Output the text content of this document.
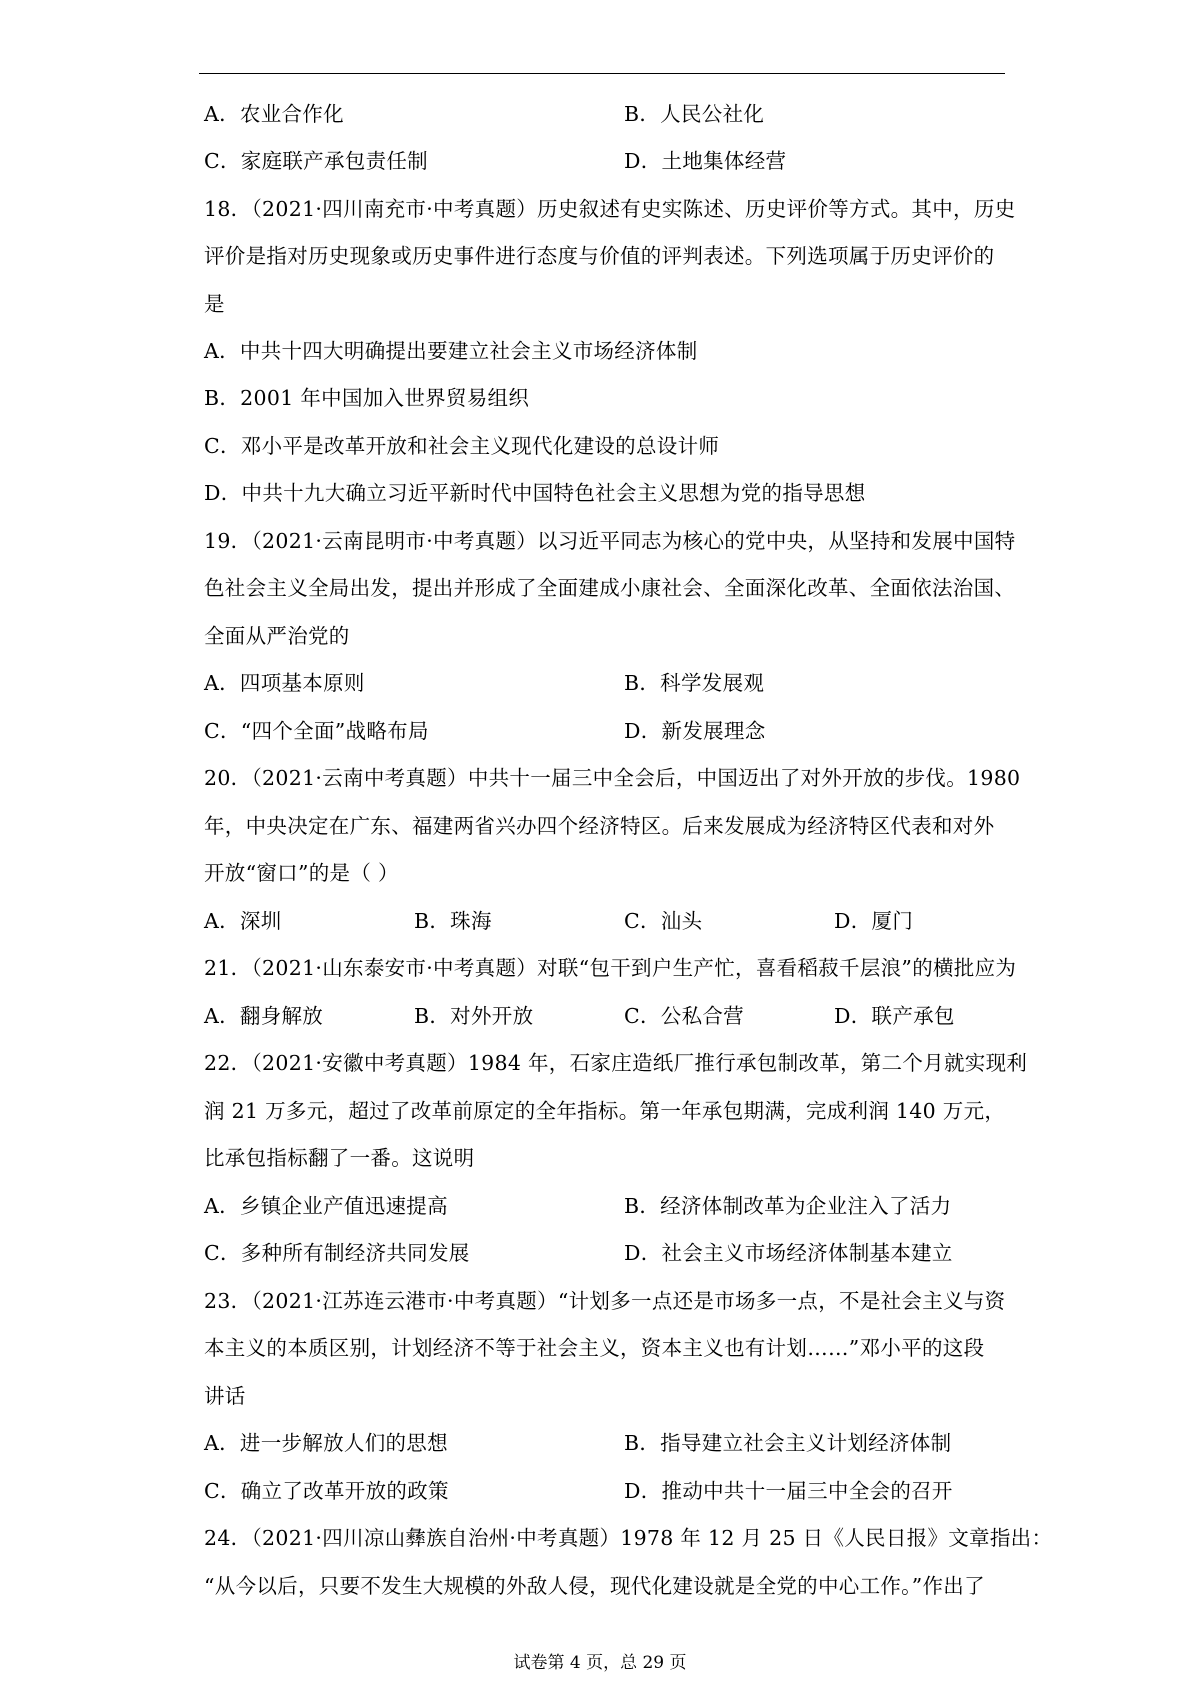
A．农业合作化	B．人民公社化
C．家庭联产承包责任制	D．土地集体经营
18．（2021·四川南充市·中考真题）历史叙述有史实陈述、历史评价等方式。其中，历史
评价是指对历史现象或历史事件进行态度与价值的评判表述。下列选项属于历史评价的
是
A．中共十四大明确提出要建立社会主义市场经济体制
B．2001 年中国加入世界贸易组织
C．邓小平是改革开放和社会主义现代化建设的总设计师
D．中共十九大确立习近平新时代中国特色社会主义思想为党的指导思想
19．（2021·云南昆明市·中考真题）以习近平同志为核心的党中央，从坚持和发展中国特
色社会主义全局出发，提出并形成了全面建成小康社会、全面深化改革、全面依法治国、
全面从严治党的
A．四项基本原则	B．科学发展观
C．“四个全面”战略布局	D．新发展理念
20．（2021·云南中考真题）中共十一届三中全会后，中国迈出了对外开放的步伐。1980
年，中央决定在广东、福建两省兴办四个经济特区。后来发展成为经济特区代表和对外
开放“窗口”的是（ ）
A．深圳	B．珠海	C．汕头	D．厦门
21．（2021·山东泰安市·中考真题）对联“包干到户生产忙，喜看稻菽千层浪”的横批应为
A．翻身解放	B．对外开放	C．公私合营	D．联产承包
22．（2021·安徽中考真题）1984 年，石家庄造纸厂推行承包制改革，第二个月就实现利
润 21 万多元，超过了改革前原定的全年指标。第一年承包期满，完成利润 140 万元，
比承包指标翻了一番。这说明
A．乡镇企业产值迅速提高	B．经济体制改革为企业注入了活力
C．多种所有制经济共同发展	D．社会主义市场经济体制基本建立
23．（2021·江苏连云港市·中考真题）“计划多一点还是市场多一点，不是社会主义与资
本主义的本质区别，计划经济不等于社会主义，资本主义也有计划……”邓小平的这段
讲话
A．进一步解放人们的思想	B．指导建立社会主义计划经济体制
C．确立了改革开放的政策	D．推动中共十一届三中全会的召开
24．（2021·四川凉山彝族自治州·中考真题）1978 年 12 月 25 日《人民日报》文章指出：
“从今以后，只要不发生大规模的外敌人侵，现代化建设就是全党的中心工作。”作出了
试卷第 4 页，总 29 页
